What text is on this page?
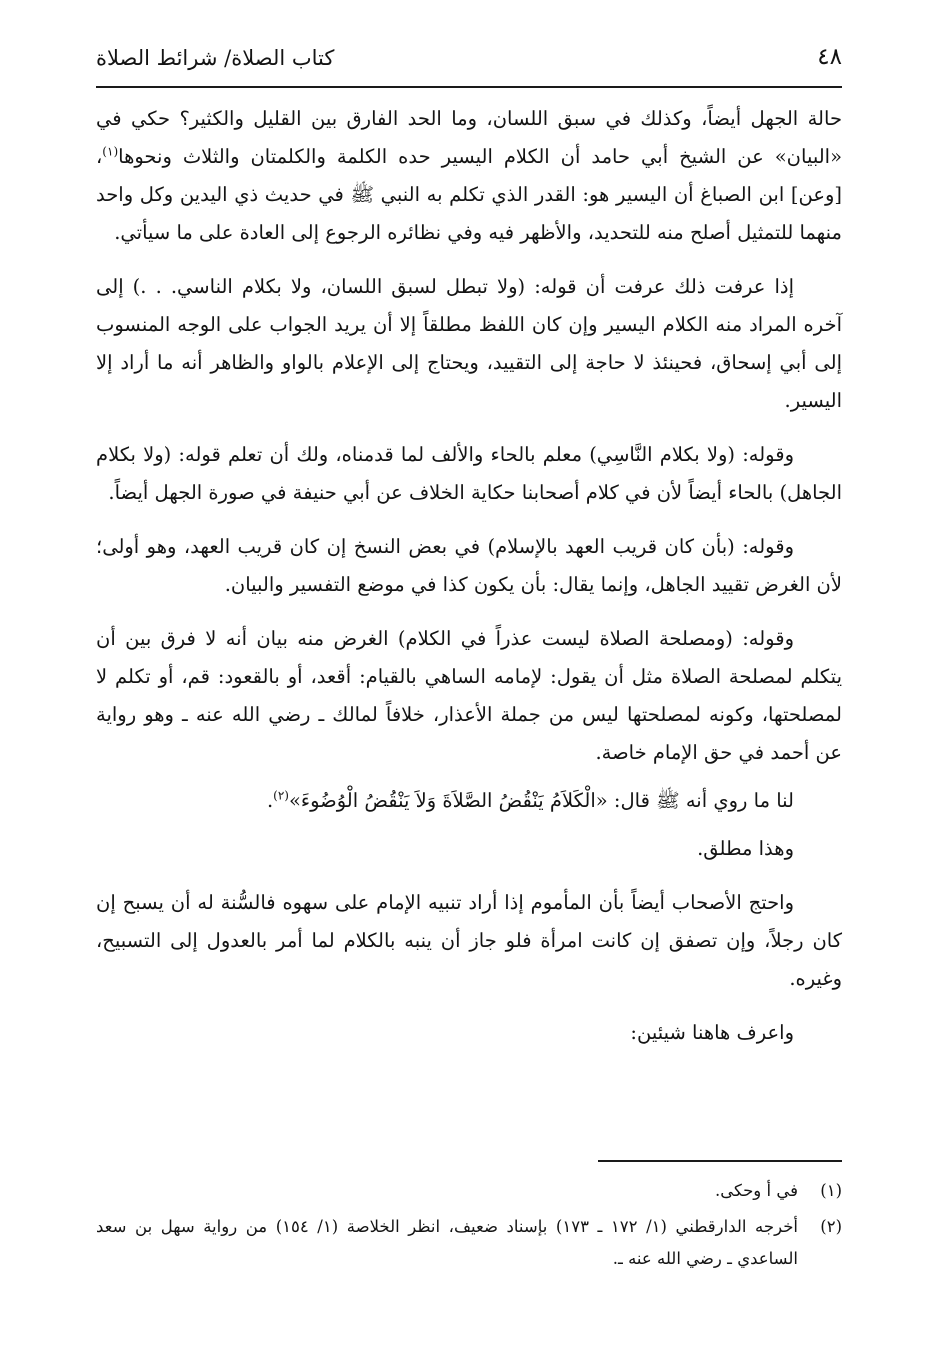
كتاب الصلاة/ شرائط الصلاة	٤٨

حالة الجهل أيضاً، وكذلك في سبق اللسان، وما الحد الفارق بين القليل والكثير؟ حكي في «البيان» عن الشيخ أبي حامد أن الكلام اليسير حده الكلمة والكلمتان والثلاث ونحوها$^{(١)}$، [وعن] ابن الصباغ أن اليسير هو: القدر الذي تكلم به النبي ﷺ في حديث ذي اليدين وكل واحد منهما للتمثيل أصلح منه للتحديد، والأظهر فيه وفي نظائره الرجوع إلى العادة على ما سيأتي.

إذا عرفت ذلك عرفت أن قوله: (ولا تبطل لسبق اللسان، ولا بكلام الناسي. . .) إلى آخره المراد منه الكلام اليسير وإن كان اللفظ مطلقاً إلا أن يريد الجواب على الوجه المنسوب إلى أبي إسحاق، فحينئذ لا حاجة إلى التقييد، ويحتاج إلى الإعلام بالواو والظاهر أنه ما أراد إلا اليسير.

وقوله: (ولا بكلام النَّاسِي) معلم بالحاء والألف لما قدمناه، ولك أن تعلم قوله: (ولا بكلام الجاهل) بالحاء أيضاً لأن في كلام أصحابنا حكاية الخلاف عن أبي حنيفة في صورة الجهل أيضاً.

وقوله: (بأن كان قريب العهد بالإسلام) في بعض النسخ إن كان قريب العهد، وهو أولى؛ لأن الغرض تقييد الجاهل، وإنما يقال: بأن يكون كذا في موضع التفسير والبيان.

وقوله: (ومصلحة الصلاة ليست عذراً في الكلام) الغرض منه بيان أنه لا فرق بين أن يتكلم لمصلحة الصلاة مثل أن يقول: لإمامه الساهي بالقيام: أقعد، أو بالقعود: قم، أو تكلم لا لمصلحتها، وكونه لمصلحتها ليس من جملة الأعذار، خلافاً لمالك ـ رضي الله عنه ـ وهو رواية عن أحمد في حق الإمام خاصة.

لنا ما روي أنه ﷺ قال: «الْكَلاَمُ يَنْقُضُ الصَّلاَةَ وَلاَ يَنْقُضُ الْوُضُوءَ»$^{(٢)}$.

وهذا مطلق.

واحتج الأصحاب أيضاً بأن المأموم إذا أراد تنبيه الإمام على سهوه فالسُّنة له أن يسبح إن كان رجلاً، وإن تصفق إن كانت امرأة فلو جاز أن ينبه بالكلام لما أمر بالعدول إلى التسبيح، وغيره.

واعرف هاهنا شيئين:

(١)
في أ وحكى.
(٢)
أخرجه الدارقطني (١/ ١٧٢ ـ ١٧٣) بإسناد ضعيف، انظر الخلاصة (١/ ١٥٤) من رواية سهل بن سعد الساعدي ـ رضي الله عنه ـ.
